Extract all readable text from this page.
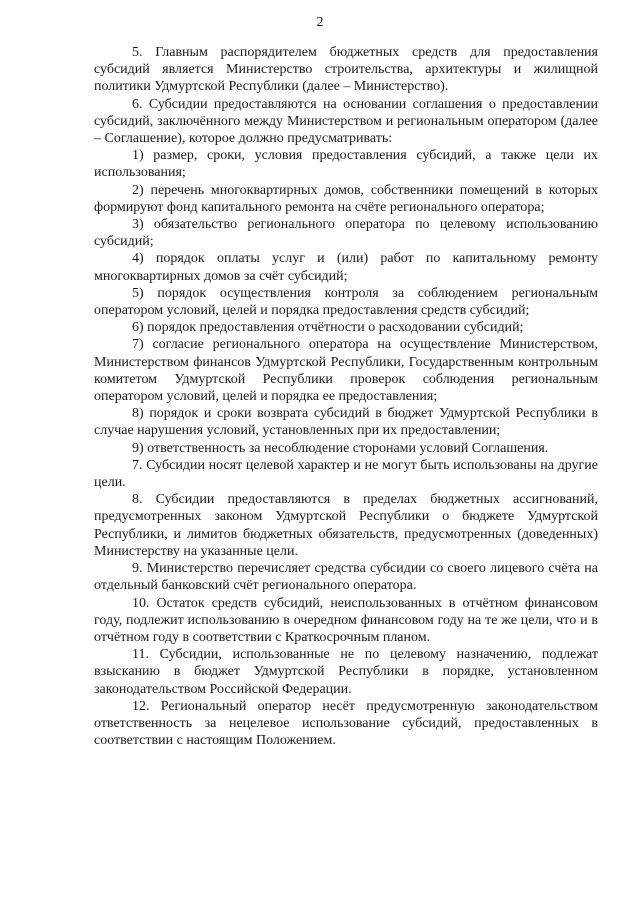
2

5. Главным распорядителем бюджетных средств для предоставления субсидий является Министерство строительства, архитектуры и жилищной политики Удмуртской Республики (далее – Министерство).

6. Субсидии предоставляются на основании соглашения о предоставлении субсидий, заключённого между Министерством и региональным оператором (далее – Соглашение), которое должно предусматривать:

1) размер, сроки, условия предоставления субсидий, а также цели их использования;

2) перечень многоквартирных домов, собственники помещений в которых формируют фонд капитального ремонта на счёте регионального оператора;

3) обязательство регионального оператора по целевому использованию субсидий;

4) порядок оплаты услуг и (или) работ по капитальному ремонту многоквартирных домов за счёт субсидий;

5) порядок осуществления контроля за соблюдением региональным оператором условий, целей и порядка предоставления средств субсидий;

6) порядок предоставления отчётности о расходовании субсидий;

7) согласие регионального оператора на осуществление Министерством, Министерством финансов Удмуртской Республики, Государственным контрольным комитетом Удмуртской Республики проверок соблюдения региональным оператором условий, целей и порядка ее предоставления;

8) порядок и сроки возврата субсидий в бюджет Удмуртской Республики в случае нарушения условий, установленных при их предоставлении;

9) ответственность за несоблюдение сторонами условий Соглашения.

7. Субсидии носят целевой характер и не могут быть использованы на другие цели.

8. Субсидии предоставляются в пределах бюджетных ассигнований, предусмотренных законом Удмуртской Республики о бюджете Удмуртской Республики, и лимитов бюджетных обязательств, предусмотренных (доведенных) Министерству на указанные цели.

9. Министерство перечисляет средства субсидии со своего лицевого счёта на отдельный банковский счёт регионального оператора.

10. Остаток средств субсидий, неиспользованных в отчётном финансовом году, подлежит использованию в очередном финансовом году на те же цели, что и в отчётном году в соответствии с Краткосрочным планом.

11. Субсидии, использованные не по целевому назначению, подлежат взысканию в бюджет Удмуртской Республики в порядке, установленном законодательством Российской Федерации.

12. Региональный оператор несёт предусмотренную законодательством ответственность за нецелевое использование субсидий, предоставленных в соответствии с настоящим Положением.
